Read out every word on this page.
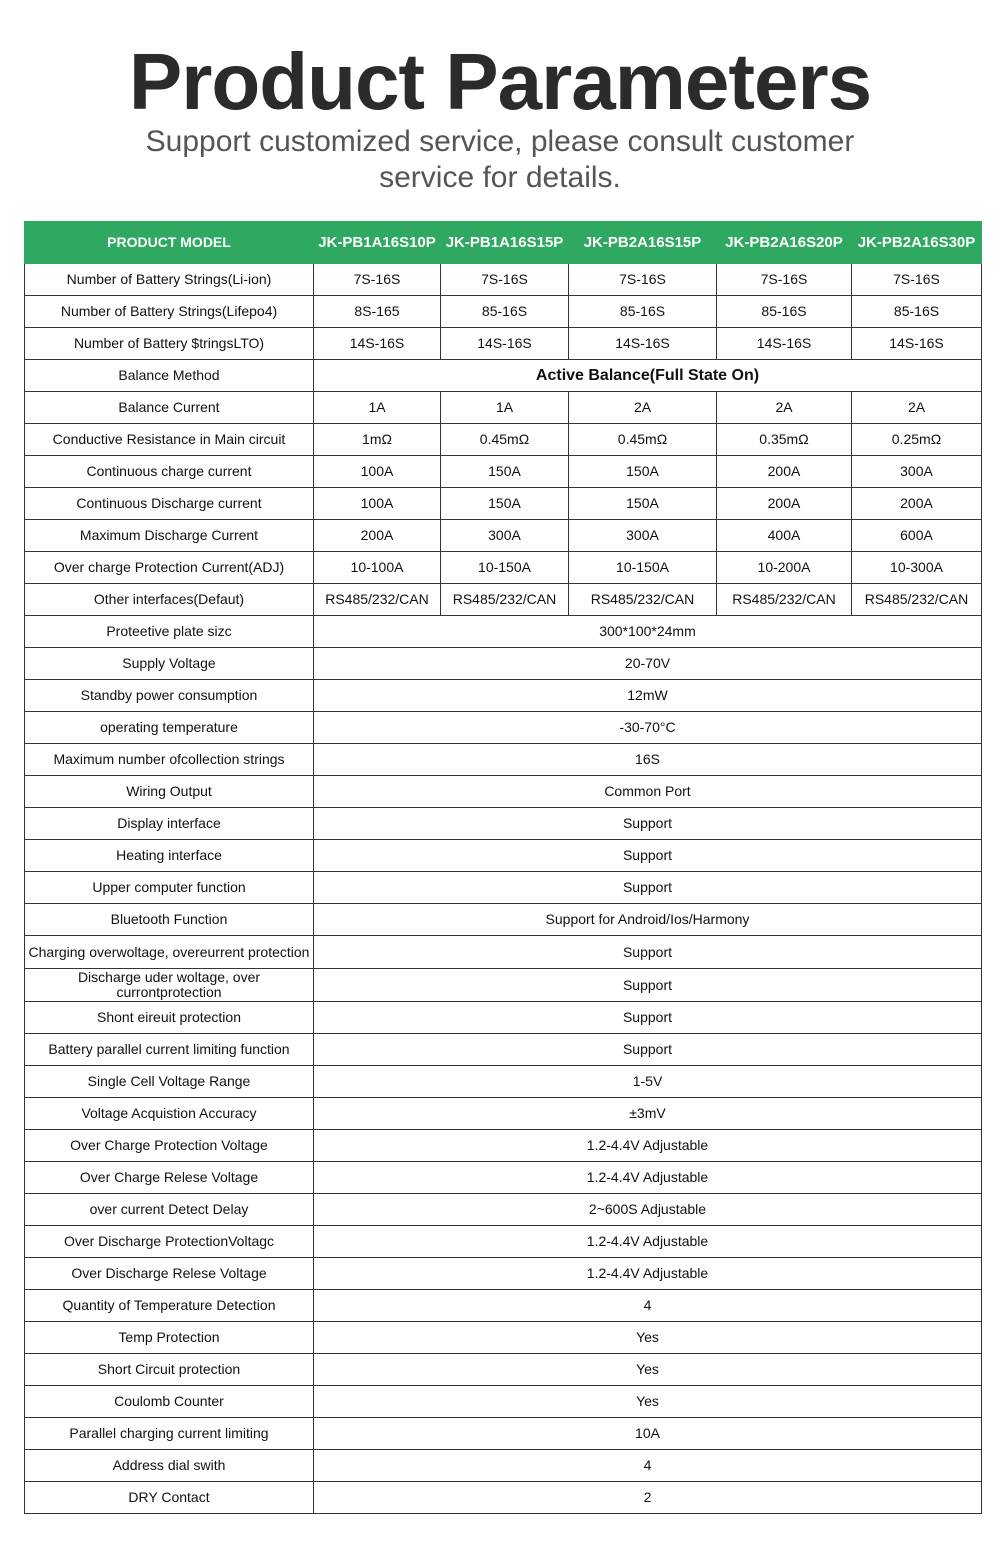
Product Parameters
Support customized service, please consult customer service for details.
PRODUCT MODEL	JK-PB1A16S10P	JK-PB1A16S15P	JK-PB2A16S15P	JK-PB2A16S20P	JK-PB2A16S30P
Number of Battery Strings(Li-ion)	7S-16S	7S-16S	7S-16S	7S-16S	7S-16S
Number of Battery Strings(Lifepo4)	8S-165	85-16S	85-16S	85-16S	85-16S
Number of Battery $tringsLTO)	14S-16S	14S-16S	14S-16S	14S-16S	14S-16S
Balance Method	Active Balance(Full State On)				
Balance Current	1A	1A	2A	2A	2A
Conductive Resistance in Main circuit	1mΩ	0.45mΩ	0.45mΩ	0.35mΩ	0.25mΩ
Continuous charge current	100A	150A	150A	200A	300A
Continuous Discharge current	100A	150A	150A	200A	200A
Maximum Discharge Current	200A	300A	300A	400A	600A
Over charge Protection Current(ADJ)	10-100A	10-150A	10-150A	10-200A	10-300A
Other interfaces(Defaut)	RS485/232/CAN	RS485/232/CAN	RS485/232/CAN	RS485/232/CAN	RS485/232/CAN
Proteetive plate sizc	300*100*24mm				
Supply Voltage	20-70V				
Standby power consumption	12mW				
operating temperature	-30-70°C				
Maximum number ofcollection strings	16S				
Wiring Output	Common Port				
Display interface	Support				
Heating interface	Support				
Upper computer function	Support				
Bluetooth Function	Support for Android/Ios/Harmony				
Charging overwoltage, overeurrent protection	Support				
Discharge uder woltage, over currontprotection	Support				
Shont eireuit protection	Support				
Battery parallel current limiting function	Support				
Single Cell Voltage Range	1-5V				
Voltage Acquistion Accuracy	±3mV				
Over Charge Protection Voltage	1.2-4.4V Adjustable				
Over Charge Relese Voltage	1.2-4.4V Adjustable				
over current Detect Delay	2~600S Adjustable				
Over Discharge ProtectionVoltagc	1.2-4.4V Adjustable				
Over Discharge Relese Voltage	1.2-4.4V Adjustable				
Quantity of Temperature Detection	4				
Temp Protection	Yes				
Short Circuit protection	Yes				
Coulomb Counter	Yes				
Parallel charging current limiting	10A				
Address dial swith	4				
DRY Contact	2				
